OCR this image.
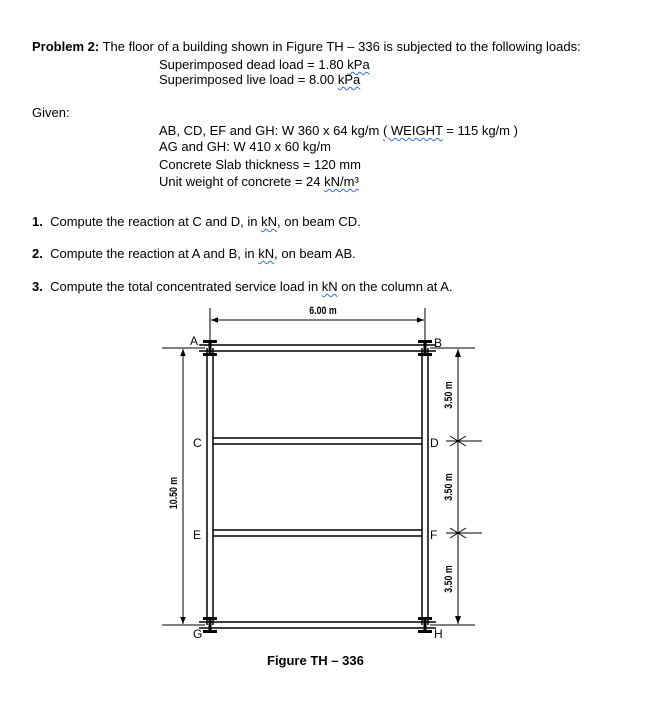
Problem 2: The floor of a building shown in Figure TH – 336 is subjected to the following loads:
Superimposed dead load = 1.80 kPa
Superimposed live load = 8.00 kPa
Given:
AB, CD, EF and GH: W 360 x 64 kg/m ( WEIGHT = 115 kg/m )
AG and GH: W 410 x 60 kg/m
Concrete Slab thickness = 120 mm
Unit weight of concrete = 24 kN/m³
1. Compute the reaction at C and D, in kN, on beam CD.
2. Compute the reaction at A and B, in kN, on beam AB.
3. Compute the total concentrated service load in kN on the column at A.
6.00 m
10.50 m
3.50 m
3.50 m
3.50 m
A	B
C	D
E	F
G	H
Figure TH – 336
